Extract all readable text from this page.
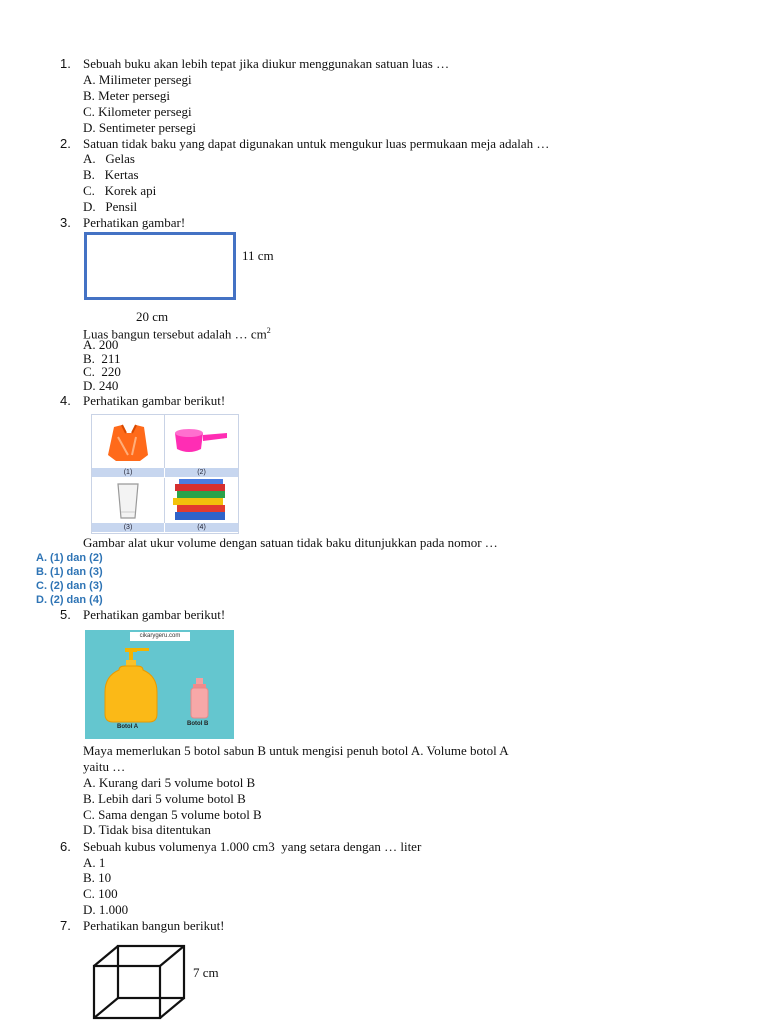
1. Sebuah buku akan lebih tepat jika diukur menggunakan satuan luas …
A. Milimeter persegi
B. Meter persegi
C. Kilometer persegi
D. Sentimeter persegi
2. Satuan tidak baku yang dapat digunakan untuk mengukur luas permukaan meja adalah …
A.   Gelas
B.   Kertas
C.   Korek api
D.   Pensil
3. Perhatikan gambar!
11 cm
20 cm
Luas bangun tersebut adalah … $cm^2$
A. 200
B.  211
C.  220
D. 240
4. Perhatikan gambar berikut!
(1)	(2)
(3)	(4)
Gambar alat ukur volume dengan satuan tidak baku ditunjukkan pada nomor …
A. (1) dan (2)
B. (1) dan (3)
C. (2) dan (3)
D. (2) dan (4)
5. Perhatikan gambar berikut!
cikarygeru.com
Botol A	Botol B
Maya memerlukan 5 botol sabun B untuk mengisi penuh botol A. Volume botol A
yaitu …
A. Kurang dari 5 volume botol B
B. Lebih dari 5 volume botol B
C. Sama dengan 5 volume botol B
D. Tidak bisa ditentukan
6. Sebuah kubus volumenya 1.000 cm3  yang setara dengan … liter
A. 1
B. 10
C. 100
D. 1.000
7. Perhatikan bangun berikut!
7 cm
